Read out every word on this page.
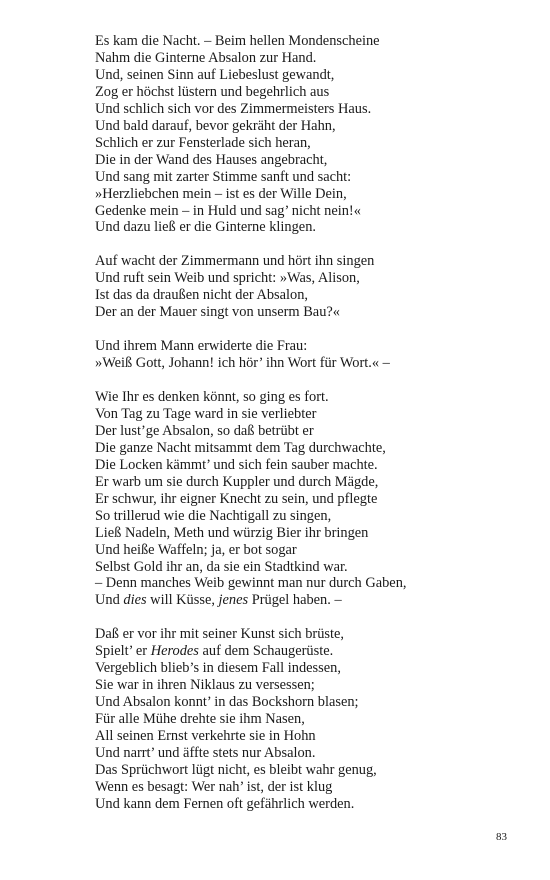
Es kam die Nacht. – Beim hellen Mondenscheine
Nahm die Ginterne Absalon zur Hand.
Und, seinen Sinn auf Liebeslust gewandt,
Zog er höchst lüstern und begehrlich aus
Und schlich sich vor des Zimmermeisters Haus.
Und bald darauf, bevor gekräht der Hahn,
Schlich er zur Fensterlade sich heran,
Die in der Wand des Hauses angebracht,
Und sang mit zarter Stimme sanft und sacht:
»Herzliebchen mein – ist es der Wille Dein,
Gedenke mein – in Huld und sag’ nicht nein!«
Und dazu ließ er die Ginterne klingen.
Auf wacht der Zimmermann und hört ihn singen
Und ruft sein Weib und spricht: »Was, Alison,
Ist das da draußen nicht der Absalon,
Der an der Mauer singt von unserm Bau?«
Und ihrem Mann erwiderte die Frau:
»Weiß Gott, Johann! ich hör’ ihn Wort für Wort.« –
Wie Ihr es denken könnt, so ging es fort.
Von Tag zu Tage ward in sie verliebter
Der lust’ge Absalon, so daß betrübt er
Die ganze Nacht mitsammt dem Tag durchwachte,
Die Locken kämmt’ und sich fein sauber machte.
Er warb um sie durch Kuppler und durch Mägde,
Er schwur, ihr eigner Knecht zu sein, und pflegte
So trillerud wie die Nachtigall zu singen,
Ließ Nadeln, Meth und würzig Bier ihr bringen
Und heiße Waffeln; ja, er bot sogar
Selbst Gold ihr an, da sie ein Stadtkind war.
– Denn manches Weib gewinnt man nur durch Gaben,
Und dies will Küsse, jenes Prügel haben. –
Daß er vor ihr mit seiner Kunst sich brüste,
Spielt’ er Herodes auf dem Schaugerüste.
Vergeblich blieb’s in diesem Fall indessen,
Sie war in ihren Niklaus zu versessen;
Und Absalon konnt’ in das Bockshorn blasen;
Für alle Mühe drehte sie ihm Nasen,
All seinen Ernst verkehrte sie in Hohn
Und narrt’ und äffte stets nur Absalon.
Das Sprüchwort lügt nicht, es bleibt wahr genug,
Wenn es besagt: Wer nah’ ist, der ist klug
Und kann dem Fernen oft gefährlich werden.
83
